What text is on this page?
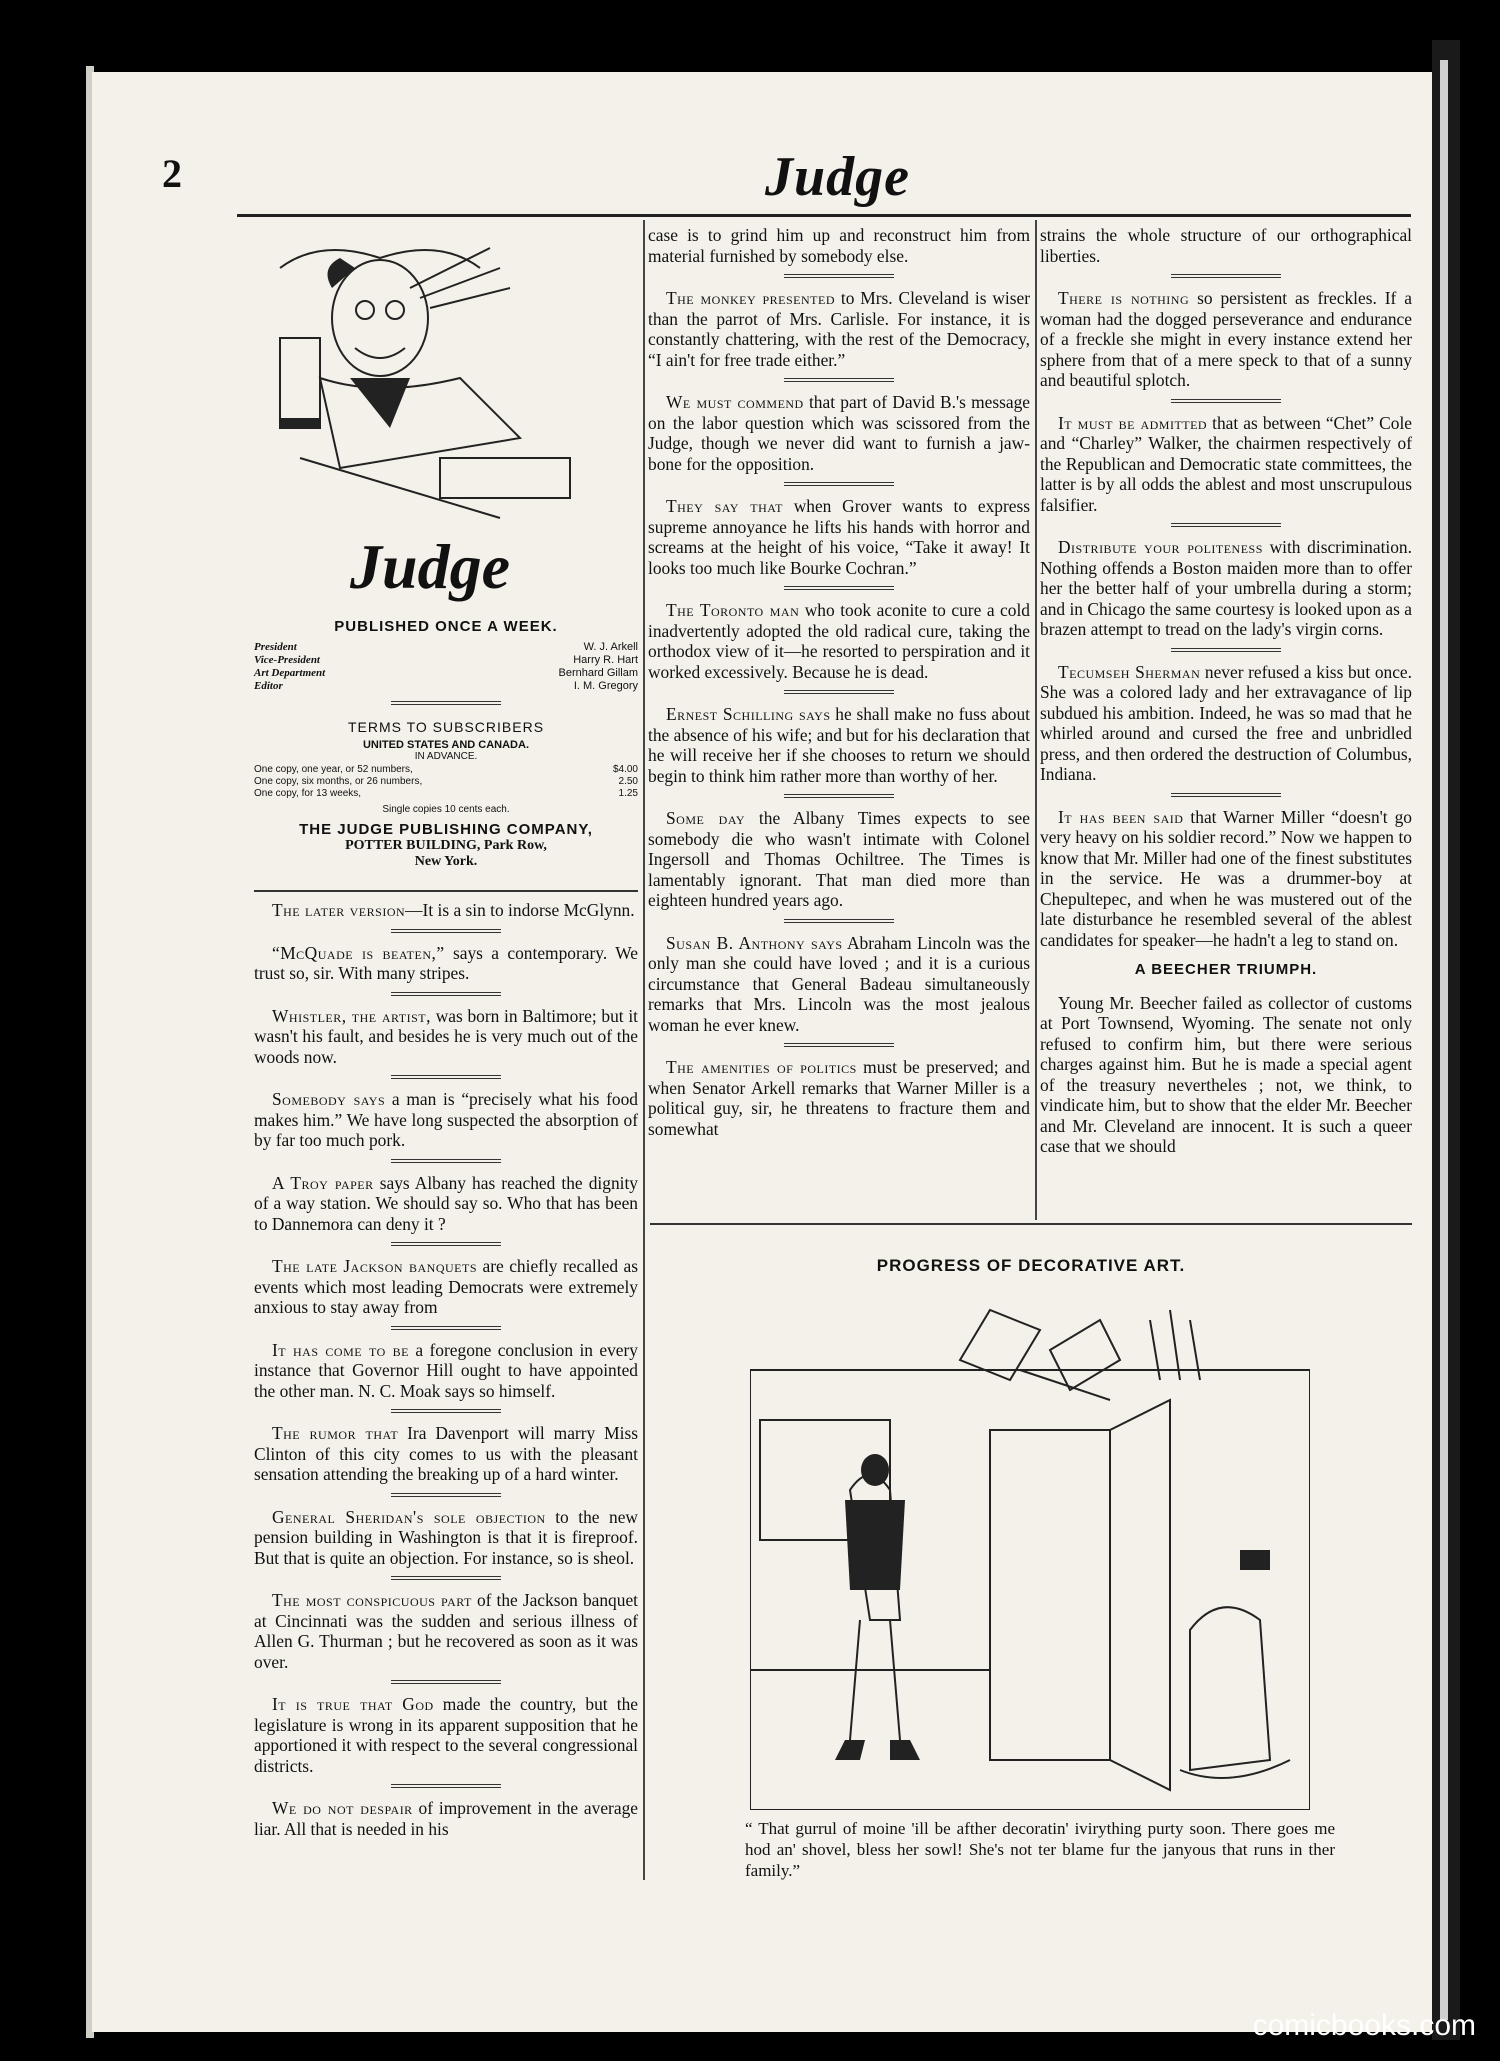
2	Judge
Judge
PUBLISHED ONCE A WEEK.
President	W. J. Arkell
Vice-President	Harry R. Hart
Art Department	Bernhard Gillam
Editor	I. M. Gregory
TERMS TO SUBSCRIBERS
UNITED STATES AND CANADA.
IN ADVANCE.
One copy, one year, or 52 numbers,	$4.00
One copy, six months, or 26 numbers,	2.50
One copy, for 13 weeks,	1.25
Single copies 10 cents each.
THE JUDGE PUBLISHING COMPANY,
POTTER BUILDING, Park Row,
New York.

The later version—It is a sin to indorse McGlynn.

“McQuade is beaten,” says a contemporary. We trust so, sir. With many stripes.

Whistler, the artist, was born in Baltimore; but it wasn't his fault, and besides he is very much out of the woods now.

Somebody says a man is “precisely what his food makes him.” We have long suspected the absorption of by far too much pork.

A Troy paper says Albany has reached the dignity of a way station. We should say so. Who that has been to Dannemora can deny it ?

The late Jackson banquets are chiefly recalled as events which most leading Democrats were extremely anxious to stay away from

It has come to be a foregone conclusion in every instance that Governor Hill ought to have appointed the other man. N. C. Moak says so himself.

The rumor that Ira Davenport will marry Miss Clinton of this city comes to us with the pleasant sensation attending the breaking up of a hard winter.

General Sheridan's sole objection to the new pension building in Washington is that it is fireproof. But that is quite an objection. For instance, so is sheol.

The most conspicuous part of the Jackson banquet at Cincinnati was the sudden and serious illness of Allen G. Thurman ; but he recovered as soon as it was over.

It is true that God made the country, but the legislature is wrong in its apparent supposition that he apportioned it with respect to the several congressional districts.

We do not despair of improvement in the average liar. All that is needed in his

case is to grind him up and reconstruct him from material furnished by somebody else.

The monkey presented to Mrs. Cleveland is wiser than the parrot of Mrs. Carlisle. For instance, it is constantly chattering, with the rest of the Democracy, “I ain't for free trade either.”

We must commend that part of David B.'s message on the labor question which was scissored from the Judge, though we never did want to furnish a jaw-bone for the opposition.

They say that when Grover wants to express supreme annoyance he lifts his hands with horror and screams at the height of his voice, “Take it away! It looks too much like Bourke Cochran.”

The Toronto man who took aconite to cure a cold inadvertently adopted the old radical cure, taking the orthodox view of it—he resorted to perspiration and it worked excessively. Because he is dead.

Ernest Schilling says he shall make no fuss about the absence of his wife; and but for his declaration that he will receive her if she chooses to return we should begin to think him rather more than worthy of her.

Some day the Albany Times expects to see somebody die who wasn't intimate with Colonel Ingersoll and Thomas Ochiltree. The Times is lamentably ignorant. That man died more than eighteen hundred years ago.

Susan B. Anthony says Abraham Lincoln was the only man she could have loved ; and it is a curious circumstance that General Badeau simultaneously remarks that Mrs. Lincoln was the most jealous woman he ever knew.

The amenities of politics must be preserved; and when Senator Arkell remarks that Warner Miller is a political guy, sir, he threatens to fracture them and somewhat

strains the whole structure of our orthographical liberties.

There is nothing so persistent as freckles. If a woman had the dogged perseverance and endurance of a freckle she might in every instance extend her sphere from that of a mere speck to that of a sunny and beautiful splotch.

It must be admitted that as between “Chet” Cole and “Charley” Walker, the chairmen respectively of the Republican and Democratic state committees, the latter is by all odds the ablest and most unscrupulous falsifier.

Distribute your politeness with discrimination. Nothing offends a Boston maiden more than to offer her the better half of your umbrella during a storm; and in Chicago the same courtesy is looked upon as a brazen attempt to tread on the lady's virgin corns.

Tecumseh Sherman never refused a kiss but once. She was a colored lady and her extravagance of lip subdued his ambition. Indeed, he was so mad that he whirled around and cursed the free and unbridled press, and then ordered the destruction of Columbus, Indiana.

It has been said that Warner Miller “doesn't go very heavy on his soldier record.” Now we happen to know that Mr. Miller had one of the finest substitutes in the service. He was a drummer-boy at Chepultepec, and when he was mustered out of the late disturbance he resembled several of the ablest candidates for speaker—he hadn't a leg to stand on.

A BEECHER TRIUMPH.

Young Mr. Beecher failed as collector of customs at Port Townsend, Wyoming. The senate not only refused to confirm him, but there were serious charges against him. But he is made a special agent of the treasury nevertheles ; not, we think, to vindicate him, but to show that the elder Mr. Beecher and Mr. Cleveland are innocent. It is such a queer case that we should

PROGRESS OF DECORATIVE ART.
“ That gurrul of moine 'ill be afther decoratin' ivirything purty soon. There goes me hod an' shovel, bless her sowl! She's not ter blame fur the janyous that runs in ther family.”
comicbooks.com
